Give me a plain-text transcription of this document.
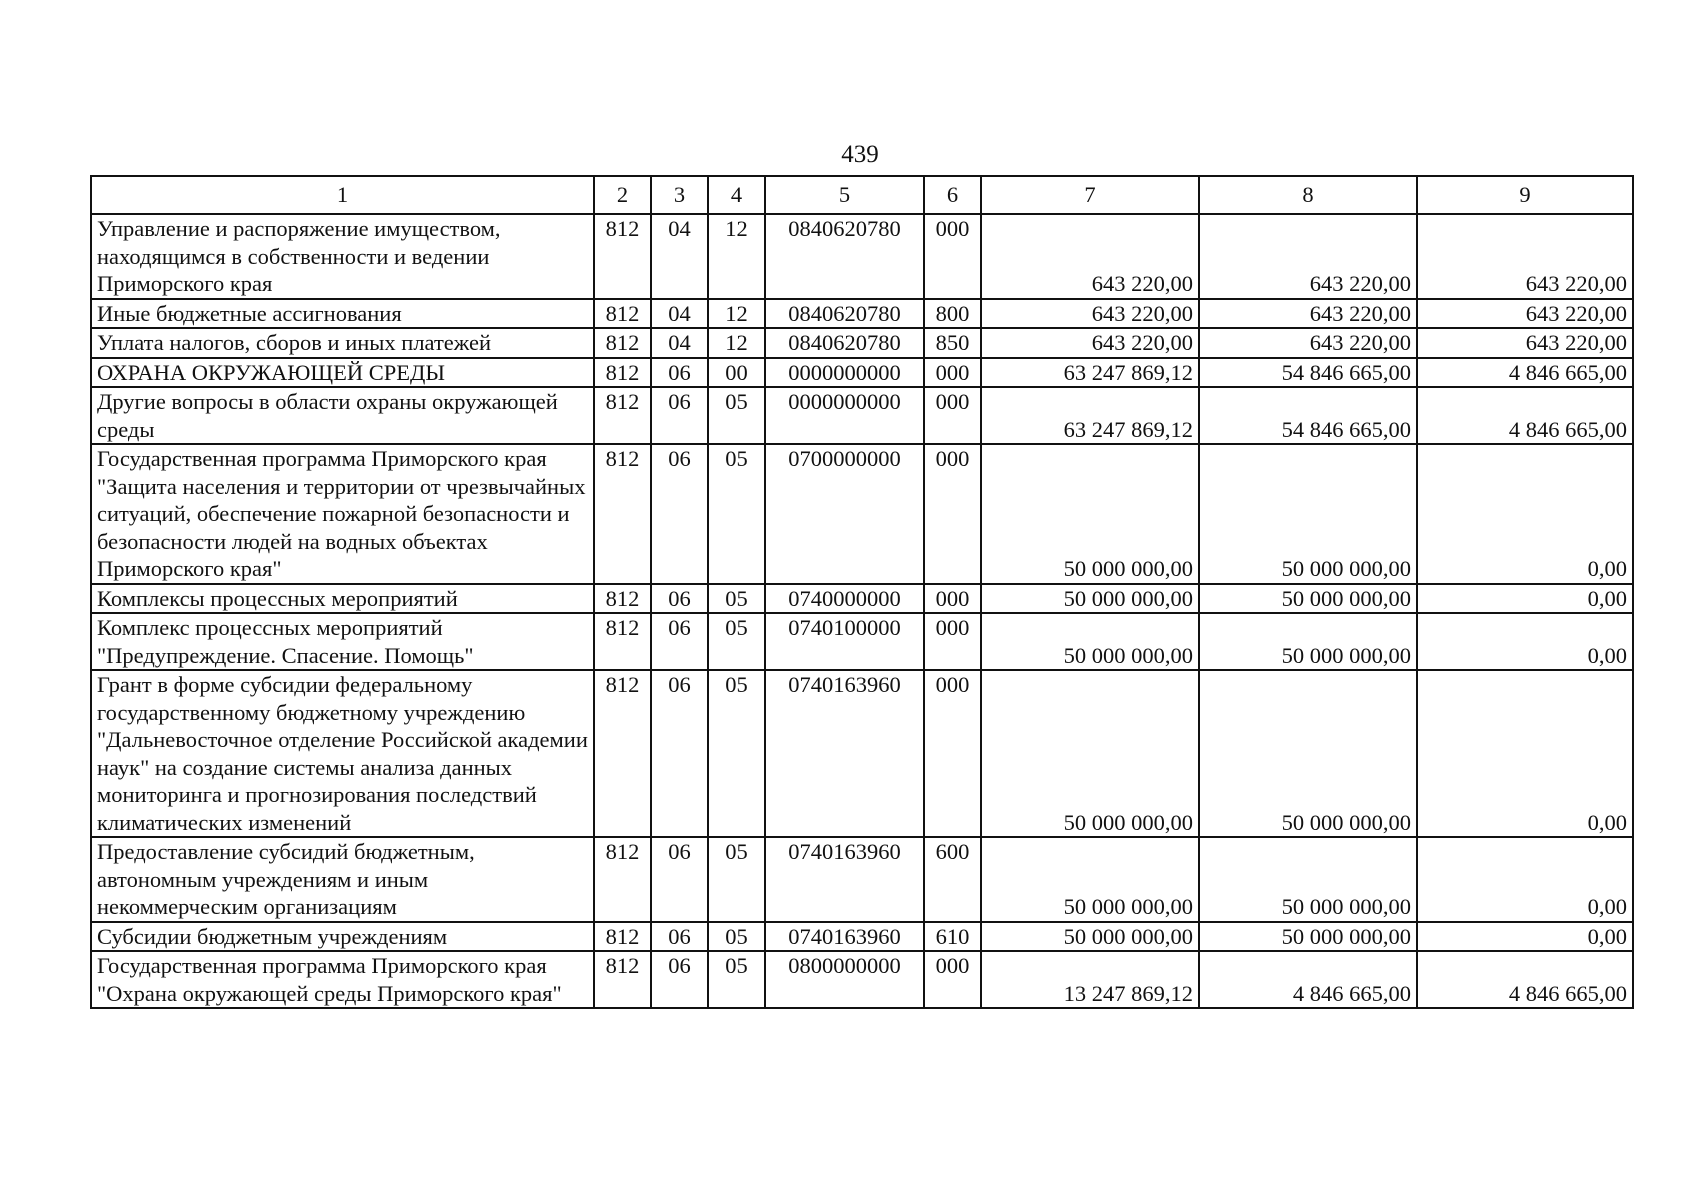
439
1	2	3	4	5	6	7	8	9
Управление и распоряжение имуществом, находящимся в собственности и ведении Приморского края	812	04	12	0840620780	000	643 220,00	643 220,00	643 220,00
Иные бюджетные ассигнования	812	04	12	0840620780	800	643 220,00	643 220,00	643 220,00
Уплата налогов, сборов и иных платежей	812	04	12	0840620780	850	643 220,00	643 220,00	643 220,00
ОХРАНА ОКРУЖАЮЩЕЙ СРЕДЫ	812	06	00	0000000000	000	63 247 869,12	54 846 665,00	4 846 665,00
Другие вопросы в области охраны окружающей среды	812	06	05	0000000000	000	63 247 869,12	54 846 665,00	4 846 665,00
Государственная программа Приморского края "Защита населения и территории от чрезвычайных ситуаций, обеспечение пожарной безопасности и безопасности людей на водных объектах Приморского края"	812	06	05	0700000000	000	50 000 000,00	50 000 000,00	0,00
Комплексы процессных мероприятий	812	06	05	0740000000	000	50 000 000,00	50 000 000,00	0,00
Комплекс процессных мероприятий "Предупреждение. Спасение. Помощь"	812	06	05	0740100000	000	50 000 000,00	50 000 000,00	0,00
Грант в форме субсидии федеральному государственному бюджетному учреждению "Дальневосточное отделение Российской академии наук" на создание системы анализа данных мониторинга и прогнозирования последствий климатических изменений	812	06	05	0740163960	000	50 000 000,00	50 000 000,00	0,00
Предоставление субсидий бюджетным, автономным учреждениям и иным некоммерческим организациям	812	06	05	0740163960	600	50 000 000,00	50 000 000,00	0,00
Субсидии бюджетным учреждениям	812	06	05	0740163960	610	50 000 000,00	50 000 000,00	0,00
Государственная программа Приморского края "Охрана окружающей среды Приморского края"	812	06	05	0800000000	000	13 247 869,12	4 846 665,00	4 846 665,00
